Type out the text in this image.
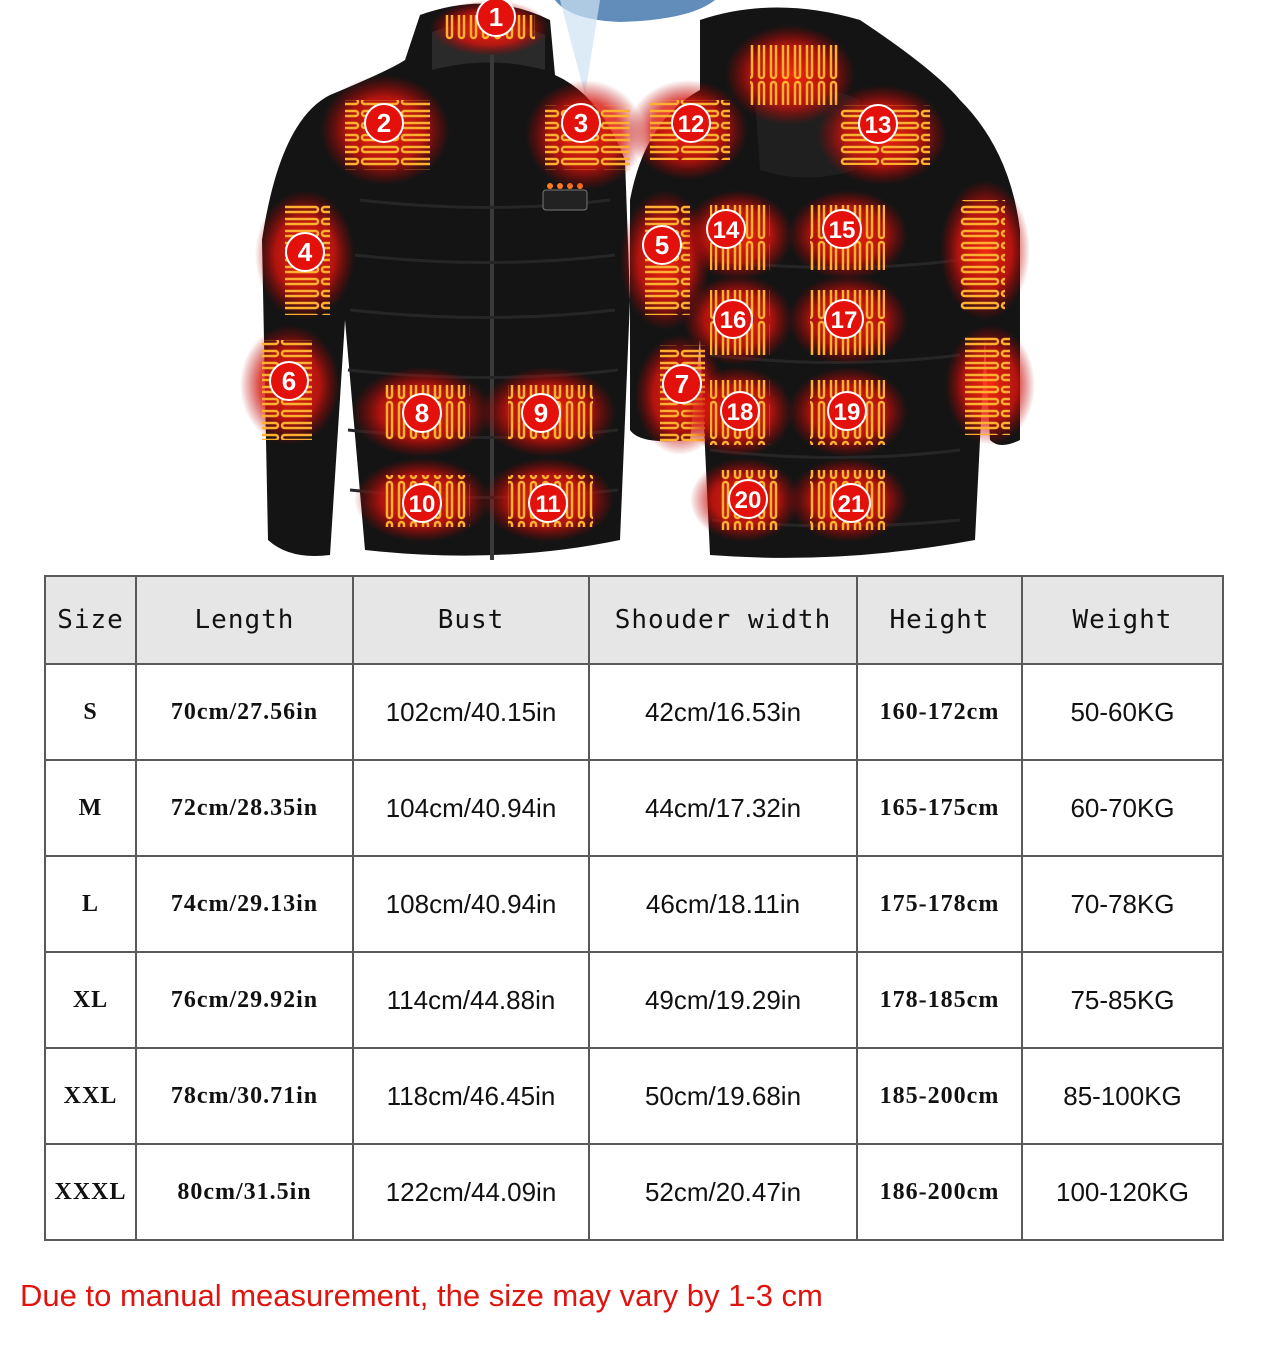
1
2	3
4
6
8	9
10	11
5
7
12	13
14	15
16	17
18	19
20	21
Size	Length	Bust	Shouder width	Height	Weight
S	70cm/27.56in	102cm/40.15in	42cm/16.53in	160-172cm	50-60KG
M	72cm/28.35in	104cm/40.94in	44cm/17.32in	165-175cm	60-70KG
L	74cm/29.13in	108cm/40.94in	46cm/18.11in	175-178cm	70-78KG
XL	76cm/29.92in	114cm/44.88in	49cm/19.29in	178-185cm	75-85KG
XXL	78cm/30.71in	118cm/46.45in	50cm/19.68in	185-200cm	85-100KG
XXXL	80cm/31.5in	122cm/44.09in	52cm/20.47in	186-200cm	100-120KG
Due to manual measurement, the size may vary by 1-3 cm
